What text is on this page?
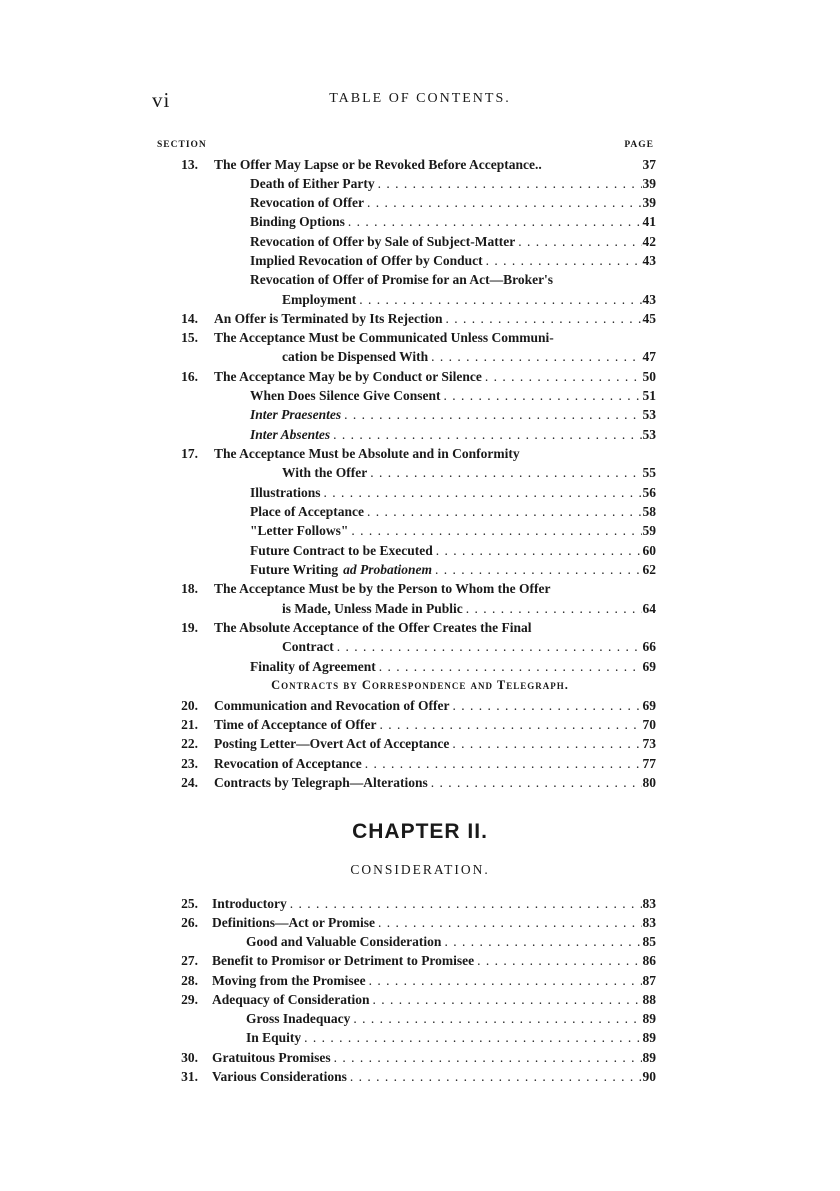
vi	TABLE OF CONTENTS.
SECTION	PAGE
13. The Offer May Lapse or be Revoked Before Acceptance..	37
Death of Either Party . . .	39
Revocation of Offer . . .	39
Binding Options . . .	41
Revocation of Offer by Sale of Subject-Matter . . .	42
Implied Revocation of Offer by Conduct . . .	43
Revocation of Offer of Promise for an Act—Broker's
Employment . . .	43
14. An Offer is Terminated by Its Rejection . . .	45
15. The Acceptance Must be Communicated Unless Communi-
cation be Dispensed With . . .	47
16. The Acceptance May be by Conduct or Silence . . .	50
When Does Silence Give Consent . . .	51
Inter Praesentes . . .	53
Inter Absentes . . .	53
17. The Acceptance Must be Absolute and in Conformity
With the Offer . . .	55
Illustrations . . .	56
Place of Acceptance . . .	58
"Letter Follows" . . .	59
Future Contract to be Executed . . .	60
Future Writing ad Probationem . . .	62
18. The Acceptance Must be by the Person to Whom the Offer
is Made, Unless Made in Public . . .	64
19. The Absolute Acceptance of the Offer Creates the Final
Contract . . .	66
Finality of Agreement . . .	69
Contracts by Correspondence and Telegraph.
20. Communication and Revocation of Offer . . .	69
21. Time of Acceptance of Offer . . .	70
22. Posting Letter—Overt Act of Acceptance . . .	73
23. Revocation of Acceptance . . .	77
24. Contracts by Telegraph—Alterations . . .	80
CHAPTER II.
CONSIDERATION.
25. Introductory . . .	83
26. Definitions—Act or Promise . . .	83
Good and Valuable Consideration . . .	85
27. Benefit to Promisor or Detriment to Promisee . . .	86
28. Moving from the Promisee . . .	87
29. Adequacy of Consideration . . .	88
Gross Inadequacy . . .	89
In Equity . . .	89
30. Gratuitous Promises . . .	89
31. Various Considerations . . .	90
